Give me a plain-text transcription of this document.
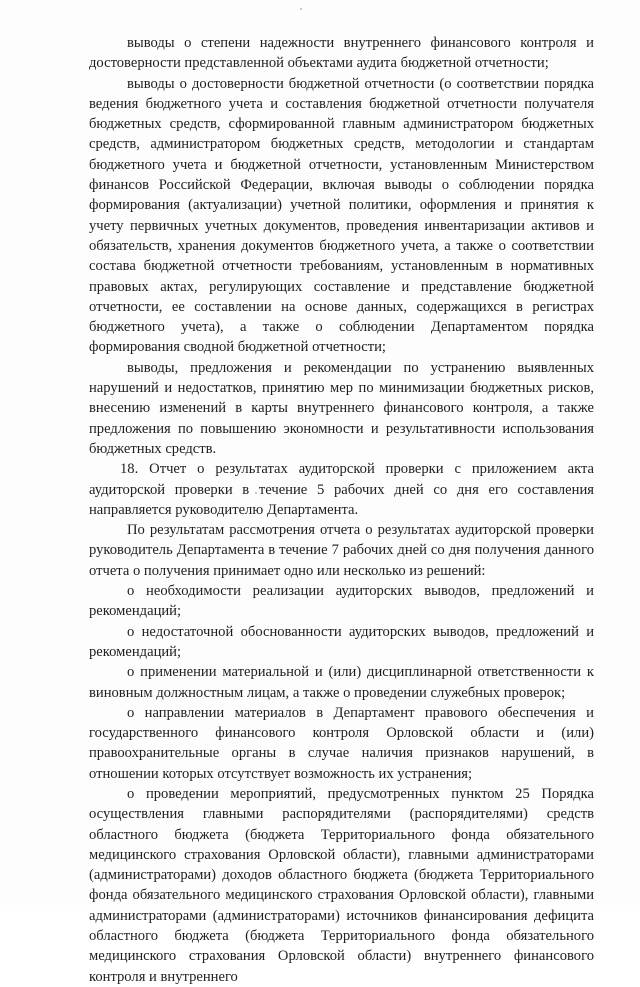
выводы о степени надежности внутреннего финансового контроля и достоверности представленной объектами аудита бюджетной отчетности;

выводы о достоверности бюджетной отчетности (о соответствии порядка ведения бюджетного учета и составления бюджетной отчетности получателя бюджетных средств, сформированной главным администратором бюджетных средств, администратором бюджетных средств, методологии и стандартам бюджетного учета и бюджетной отчетности, установленным Министерством финансов Российской Федерации, включая выводы о соблюдении порядка формирования (актуализации) учетной политики, оформления и принятия к учету первичных учетных документов, проведения инвентаризации активов и обязательств, хранения документов бюджетного учета, а также о соответствии состава бюджетной отчетности требованиям, установленным в нормативных правовых актах, регулирующих составление и представление бюджетной отчетности, ее составлении на основе данных, содержащихся в регистрах бюджетного учета), а также о соблюдении Департаментом порядка формирования сводной бюджетной отчетности;

выводы, предложения и рекомендации по устранению выявленных нарушений и недостатков, принятию мер по минимизации бюджетных рисков, внесению изменений в карты внутреннего финансового контроля, а также предложения по повышению экономности и результативности использования бюджетных средств.

18. Отчет о результатах аудиторской проверки с приложением акта аудиторской проверки в течение 5 рабочих дней со дня его составления направляется руководителю Департамента.

По результатам рассмотрения отчета о результатах аудиторской проверки руководитель Департамента в течение 7 рабочих дней со дня получения данного отчета о получения принимает одно или несколько из решений:

о необходимости реализации аудиторских выводов, предложений и рекомендаций;

о недостаточной обоснованности аудиторских выводов, предложений и рекомендаций;

о применении материальной и (или) дисциплинарной ответственности к виновным должностным лицам, а также о проведении служебных проверок;

о направлении материалов в Департамент правового обеспечения и государственного финансового контроля Орловской области и (или) правоохранительные органы в случае наличия признаков нарушений, в отношении которых отсутствует возможность их устранения;

о проведении мероприятий, предусмотренных пунктом 25 Порядка осуществления главными распорядителями (распорядителями) средств областного бюджета (бюджета Территориального фонда обязательного медицинского страхования Орловской области), главными администраторами (администраторами) доходов областного бюджета (бюджета Территориального фонда обязательного медицинского страхования Орловской области), главными администраторами (администраторами) источников финансирования дефицита областного бюджета (бюджета Территориального фонда обязательного медицинского страхования Орловской области) внутреннего финансового контроля и внутреннего
